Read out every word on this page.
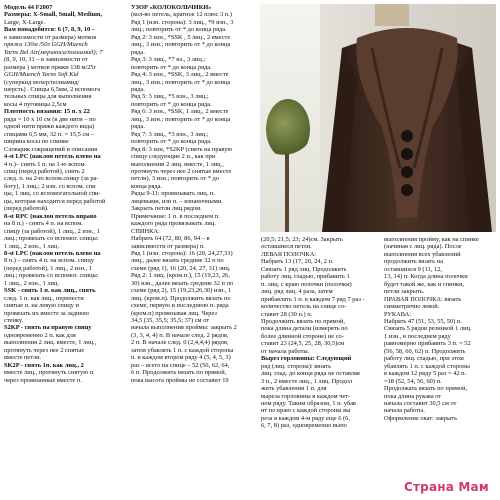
Модель 44 F2007

Размеры: X-Small, Small, Medium,

Large, X-Large.

Вам понадобится: 6 (7, 8, 9, 10 –

в зависимости от размера) мотков

пряжи 130м /50г GGH/Muench

Yarns Bel Air(мериноса/полиамид); 7

(8, 9, 10, 11 – в зависимости от

размера ) мотков пряжи 138 м/25г

GGH/Muench Yarns Soft Kid

(суперкид мохер/полиамид/

шерсть) . Спицы 6,5мм, 2 вспомога

тельных спицы для выполнения

косы 4 пуговицы 2,5см

Плотность вязания: 15 п. х 22

ряда = 10 х 10 см (в две нити – по

одной нити пряжи каждого вида)

спицами 6,5 мм, 32 п. = 15,5 см –

ширина косы по спинке

Словарик сокращений и описания

4-st LPC (наклон петель влево на

4 п.)– снять 1 п. на 1-ю вспом.

спиц (перед работой), снять 2

след. п. на 2-ю вспом.спицу (за ра-

боту), 1 лиц.; 2 изн. со вспом. спи

цы, 1 лиц. со вспомогательной спи-

цы, которая находится перед работой

(перед работой).

8-st RPC (наклон петель вправо

на 8 п.) - снять 4 п. на вспом.

спицу (за работой), 1 лиц., 2 изн., 1

лиц.; провязать со вспомог. спицы:

1 лиц., 2 изн., 1 лиц.

8-st LPC (наклон петель влево на

8 п.) – снять 4 п. на вспом. спицу

(перед работой), 1 лиц., 2 изн., 1

лиц.; провязать со вспомог. спицы:

1 лиц., 2 изн., 1 лиц.

SSK - снять 1 п. как лиц., снять

след. 1 п. как лиц., перенести

снятые п. на левую спицу и

провязать их вместе за заднюю

стенку.

S2KP - снять на правую спицу

одновременно 2 п. как для

выполнения 2 лиц. вместе, 1 лиц.,

протянуть через нее 2 снятые

вместе петли.

SK2P - снять 1п. как лиц., 2

вместе лиц., протянуть снятую п.

через провязанные вместе п.

УЗОР «КОЛОКОЛЬЧИКИ»

(кол-во петель, кратное 12 плюс 3 п.)

Ряд 1 (изн. сторона): 3 лиц., *9 изн., 3

лиц.; повторить от * до конца ряда.

Ряд 2: 3 изн., *SSK , 5 лиц., 2 вместе

лиц., 3 изн.; повторить от * до конца

ряда.

Ряд 3: 3 лиц., *7 из., 3 лиц.;

повторить от * до конца ряда.

Ряд 4: 3 изн., *SSK, 3 лиц., 2 вместе

лиц., 3 изн.; повторить от * до конца

ряда.

Ряд 5: 3 лиц., *5 изн., 3 лиц.;

повторить от * до конца ряда.

Ряд 6: 3 изн., *SSK, 1 лиц., 2 вместе

лиц., 3 изн.; повторить от * до конца

ряда.

Ряд 7: 3 лиц., *3 изн., 3 лиц.;

повторить от * до конца ряда.

Ряд 8: 3 изн, *S2KP (снять на правую

спицу следующие 2 п., как при

выполнении 2 лиц. вместе, 1 лиц.,

протянуть через нее 2 снятые вместе

петли), 3 изн.; повторить от * до

конца ряда.

Ряды 9-11: провязывать лиц. п.

лицевыми, изн п. – изнаночными.

Закрыть петли лиц.рядом.

Примечание: 1 п. в последнем п.

каждого ряда провязывать лиц.

СПИНКА:

Набрать 64 (72, 80, 86, 94 – в

зависимости от размера) п.

Ряд 1 (изн. сторона): 16 (20, 24,27,31)

лиц., далее вязать средние 32 п по

схеме (ряд 1), 16 (20, 24, 27, 31) лиц.

Ряд 2: 1 лиц. (кром.п.), 15 (19,23, 26,

30) изн., далее вязать средние 32 п по

схеме (ряд 2), 15 (19,23,26,30) изн., 1

лиц. (кром.п). Продолжить вязать по

схеме, первую и последнюю п. ряда

(кром.п) провязывая лиц. Через

34,5 (35, 35,5; 35,5; 37) см от

начала выполнения проймы: закрыть 2

(3, 3, 4, 4) п. В начале след. 2 рядов,

2 п. В начале след. 0 (2,4,4,4) рядов,

затем убавлять 1 п. с каждой стороны

п. в каждом втором ряду 4 (5, 4, 5, 3)

раз – всего на спице – 52 (56, 62, 64,

6 п. Продолжить вязать по прямой,

пока высота проймы не составит 19

(20,5; 21,5; 23; 24)см. Закрыть

оставшиеся петли.

ЛЕВАЯ ПОЛОЧКА:

Набрать 13 (17, 20, 24, 2 п.

Связать 1 ряд лиц. Продолжить

работу лиц. гладью, прибавить 1

п. лиц. с краю полочки (полочки)

лиц. ряд лиц. 4 раза, затем

прибавлять 1 п. в каждом 7 ряд 7 раз -

количество петель на спице со-

ставит 28 (30 п.) п.

Продолжить вязать по прямой,

пока длина детали (измерять по

более длинной стороне) не со-

ставит 23 (24,5, 25, 28, 30,5)см

от начала работы.

Вырез горловины: Следующий

ряд (лиц. сторона): вязать

лиц. глад. до конца ряда не оставляя

3 п., 2 вместе лиц., 1 лиц. Продол

жить убавления 1 п. для

выреза горловины в каждом чет-

ном ряду. Таким образом, 1 п. убав

ит по краю с каждой стороны вы

реза в каждом 4-м ряду еще 6 (6,

6, 7, 8) раз, одновременно выпо

выполнения пройму, как на спинке

(начиная с лиц. ряда). После

выполнения всех убавлений

продолжить вязать на

оставшихся 9 (11, 12,

13, 14) п. Когда длина полочки

будет такой же, как и спинки,

петли закрыть.

ПРАВАЯ ПОЛОЧКА: вязать

симметрично левой.

РУКАВА:

Набрать 47 (51, 53, 55, 50) п.

Связать 5 рядов резинкой 1 лиц.

1 изн., в последнем ряду

равномерно прибавить 3 п. = 52

(56, 58, 60, 62) п. Продолжить

работу лиц. гладью, при этом

убавлять 1 п. с каждой стороны

в каждом 12 ряду 5 раз = 42 п.

=18 (52, 54, 56, 60) п.

Продолжать вязать по прямой,

пока длина рукава от

начала составит 30,5 см от

начала работы.

Оформление окат: закрыть

Страна Мам
